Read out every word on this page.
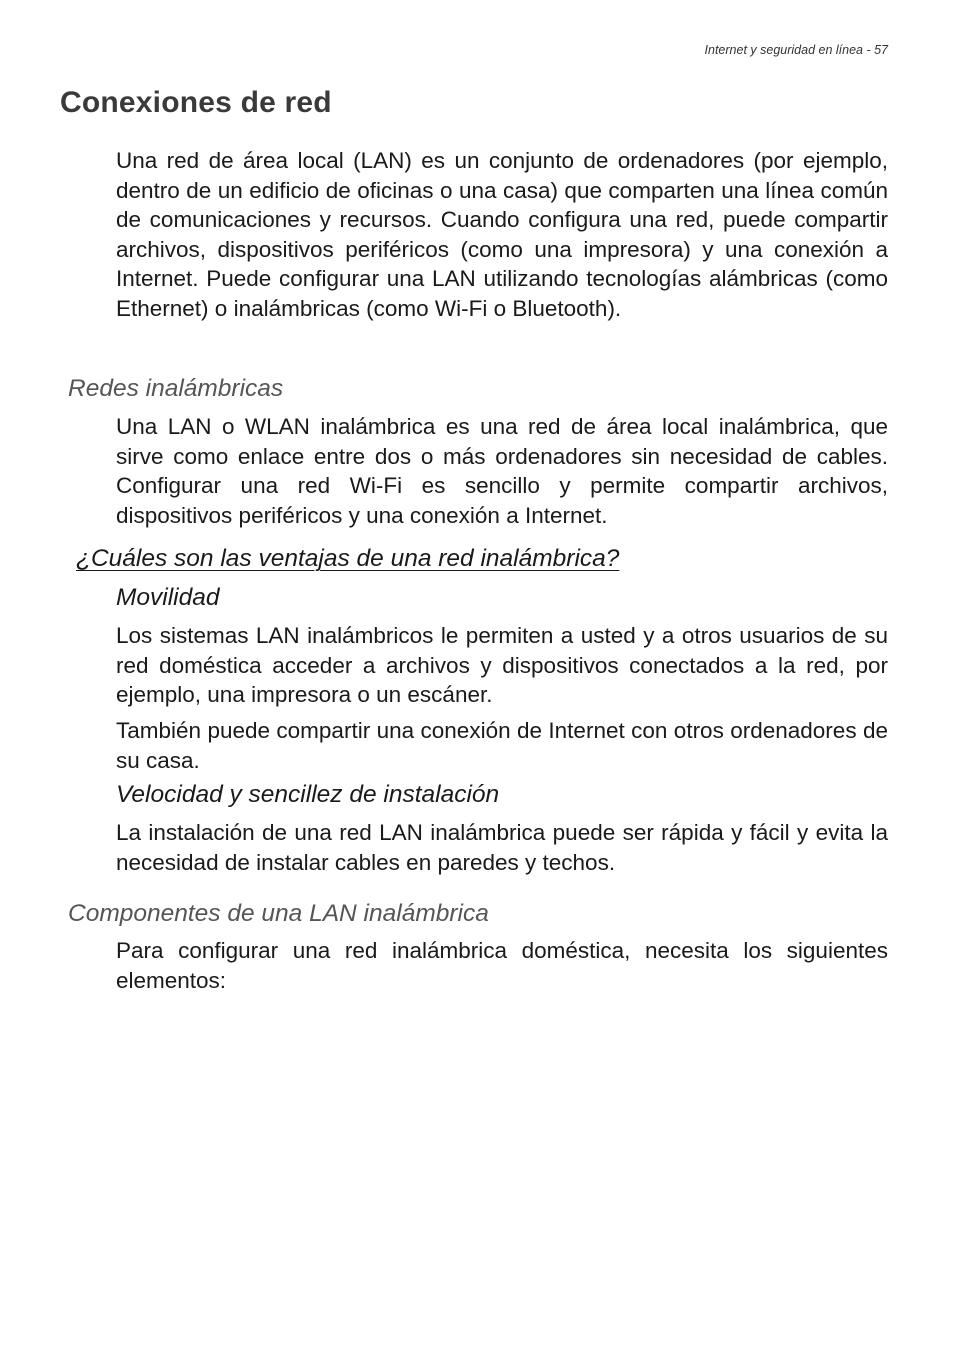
Internet y seguridad en línea - 57
Conexiones de red

Una red de área local (LAN) es un conjunto de ordenadores (por ejemplo, dentro de un edificio de oficinas o una casa) que comparten una línea común de comunicaciones y recursos. Cuando configura una red, puede compartir archivos, dispositivos periféricos (como una impresora) y una conexión a Internet. Puede configurar una LAN utilizando tecnologías alámbricas (como Ethernet) o inalámbricas (como Wi-Fi o Bluetooth).

Redes inalámbricas

Una LAN o WLAN inalámbrica es una red de área local inalámbrica, que sirve como enlace entre dos o más ordenadores sin necesidad de cables. Configurar una red Wi-Fi es sencillo y permite compartir archivos, dispositivos periféricos y una conexión a Internet.

¿Cuáles son las ventajas de una red inalámbrica?
Movilidad

Los sistemas LAN inalámbricos le permiten a usted y a otros usuarios de su red doméstica acceder a archivos y dispositivos conectados a la red, por ejemplo, una impresora o un escáner.

También puede compartir una conexión de Internet con otros ordenadores de su casa.

Velocidad y sencillez de instalación

La instalación de una red LAN inalámbrica puede ser rápida y fácil y evita la necesidad de instalar cables en paredes y techos.

Componentes de una LAN inalámbrica

Para configurar una red inalámbrica doméstica, necesita los siguientes elementos:
